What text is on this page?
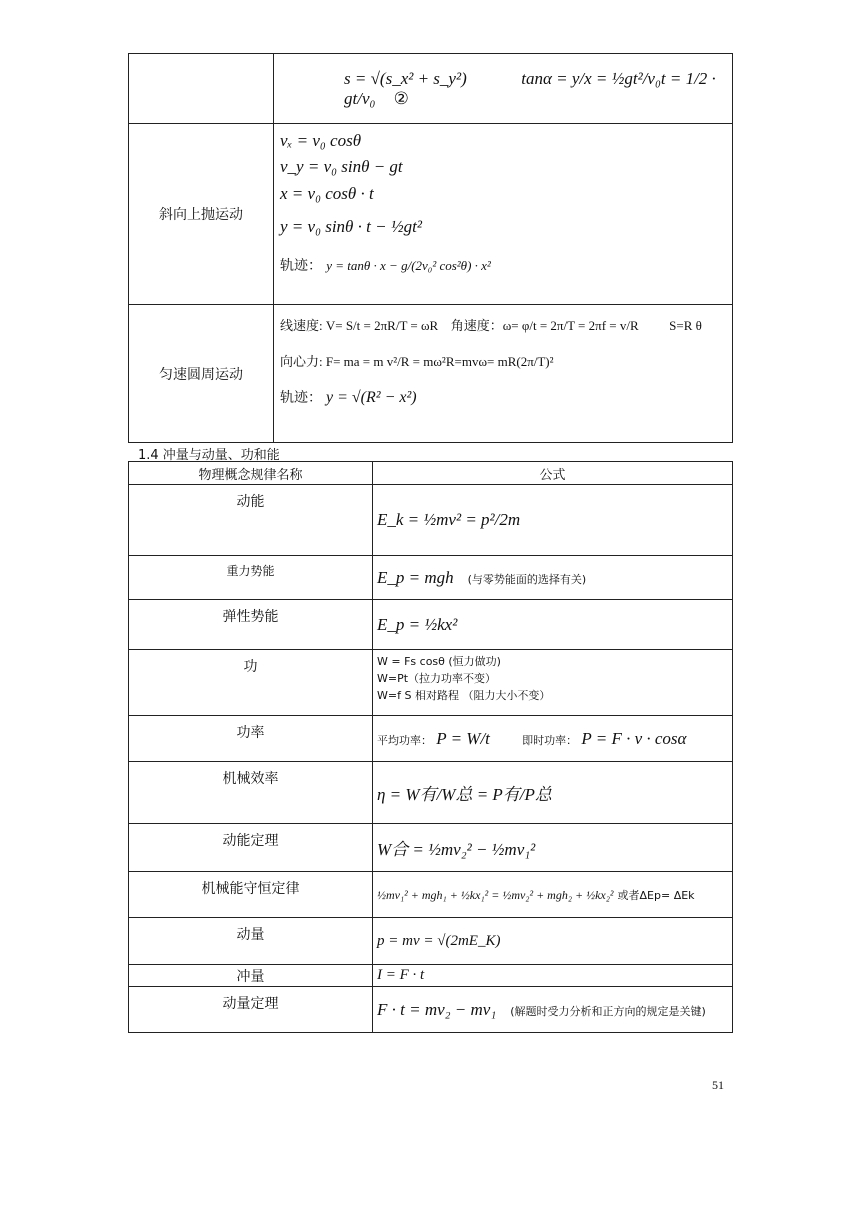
	s = √(s_x² + s_y²) tanα = y/x = ½gt²/v₀t = 1/2 · gt/v₀ ②
斜向上抛运动	vₓ = v₀ cosθ
v_y = v₀ sinθ − gt
x = v₀ cosθ · t
y = v₀ sinθ · t − ½gt²
轨迹： y = tanθ · x − g/(2v₀² cos²θ) · x²

匀速圆周运动	线速度: V= S/t = 2πR/T = ωR 角速度：ω= φ/t = 2π/T = 2πf = v/R S=R θ
向心力: F= ma = m v²/R = mω²R=mvω= mR(2π/T)²
轨迹： y = √(R² − x²)
1.4 冲量与动量、功和能
物理概念规律名称	公式
动能	E_k = ½mv² = p²/2m
重力势能	E_p = mgh (与零势能面的选择有关)
弹性势能	E_p = ½kx²
功	W = Fs cosθ (恒力做功)
W=Pt（拉力功率不变）
W=f S 相对路程 （阻力大小不变）

功率	平均功率： P = W/t 即时功率： P = F · v · cosα
机械效率	η = W有/W总 = P有/P总
动能定理	W合 = ½mv₂² − ½mv₁²
机械能守恒定律	½mv₁² + mgh₁ + ½kx₁² = ½mv₂² + mgh₂ + ½kx₂² 或者ΔEp= ΔEk
动量	p = mv = √(2mE_K)
冲量	I = F · t
动量定理	F · t = mv₂ − mv₁ (解题时受力分析和正方向的规定是关键)
51
